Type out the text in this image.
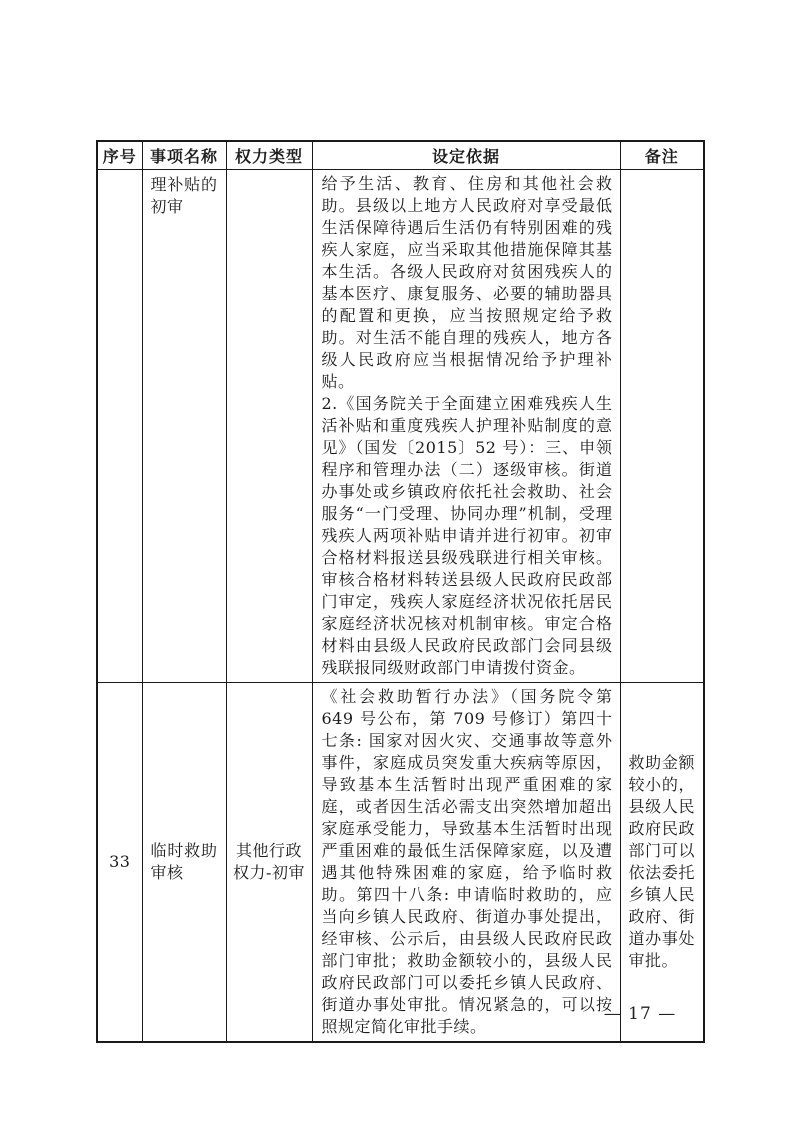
序号	事项名称	权力类型	设定依据	备注
	理补贴的初审		给予生活、教育、住房和其他社会救助。县级以上地方人民政府对享受最低生活保障待遇后生活仍有特别困难的残疾人家庭，应当采取其他措施保障其基本生活。各级人民政府对贫困残疾人的基本医疗、康复服务、必要的辅助器具的配置和更换，应当按照规定给予救助。对生活不能自理的残疾人，地方各级人民政府应当根据情况给予护理补贴。

2.《国务院关于全面建立困难残疾人生活补贴和重度残疾人护理补贴制度的意见》（国发〔2015〕52 号）：三、申领程序和管理办法（二）逐级审核。街道办事处或乡镇政府依托社会救助、社会服务“一门受理、协同办理”机制，受理残疾人两项补贴申请并进行初审。初审合格材料报送县级残联进行相关审核。审核合格材料转送县级人民政府民政部门审定，残疾人家庭经济状况依托居民家庭经济状况核对机制审核。审定合格材料由县级人民政府民政部门会同县级残联报同级财政部门申请拨付资金。	

33	临时救助审核	其他行政权力-初审	《社会救助暂行办法》（国务院令第 649 号公布，第 709 号修订）第四十七条: 国家对因火灾、交通事故等意外事件，家庭成员突发重大疾病等原因，导致基本生活暂时出现严重困难的家庭，或者因生活必需支出突然增加超出家庭承受能力，导致基本生活暂时出现严重困难的最低生活保障家庭，以及遭遇其他特殊困难的家庭，给予临时救助。第四十八条: 申请临时救助的，应当向乡镇人民政府、街道办事处提出，经审核、公示后，由县级人民政府民政部门审批；救助金额较小的，县级人民政府民政部门可以委托乡镇人民政府、街道办事处审批。情况紧急的，可以按照规定简化审批手续。	救助金额较小的，县级人民政府民政部门可以依法委托乡镇人民政府、街道办事处审批。
— 17 —
